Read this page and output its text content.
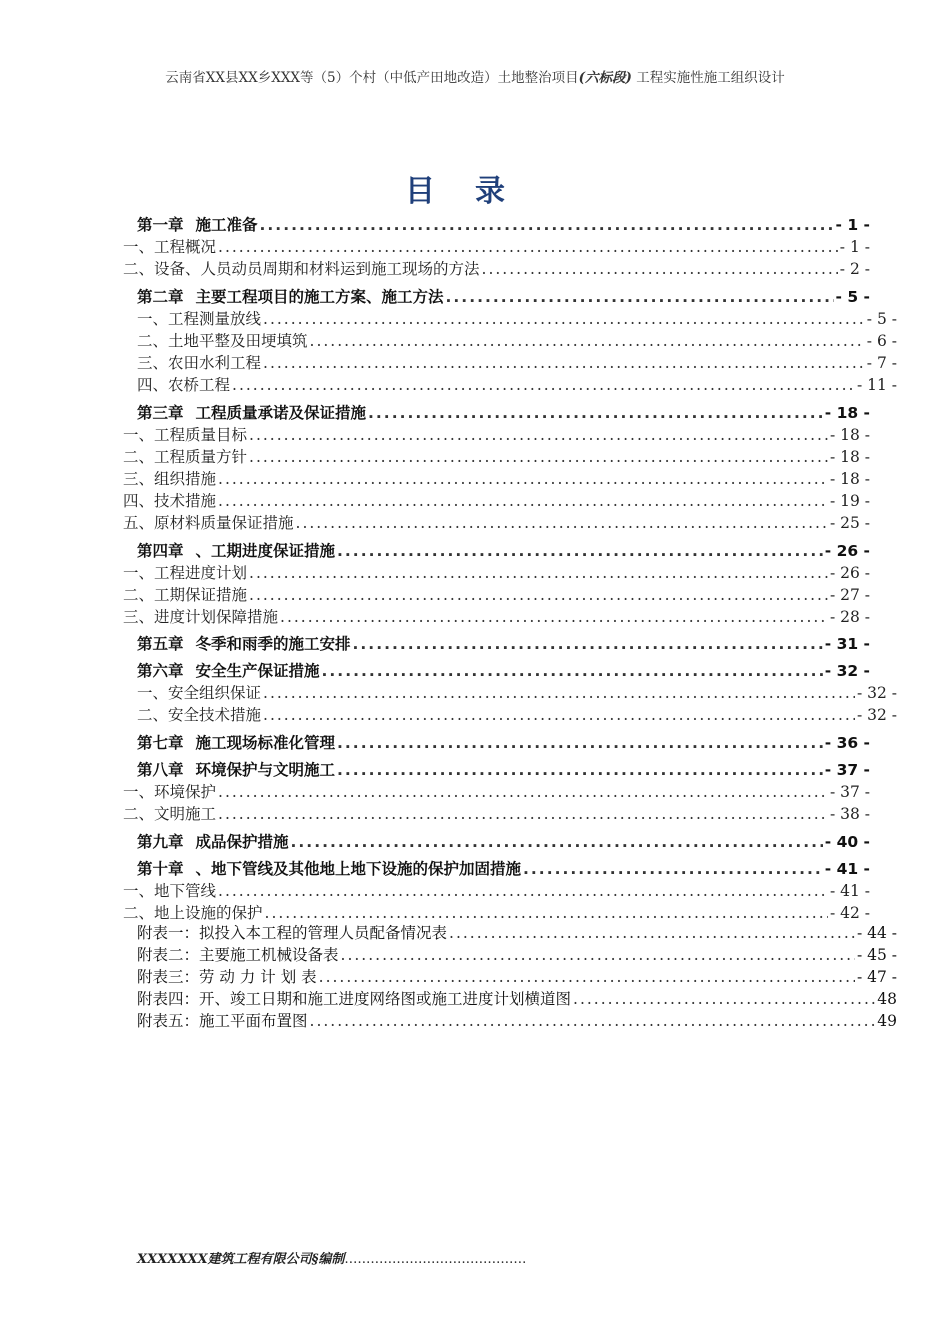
云南省XX县XX乡XXX等（5）个村（中低产田地改造）土地整治项目(六标段) 工程实施性施工组织设计
目录
第一章 施工准备 .....	- 1 -
一、 工程概况 .....	- 1 -
二、 设备、人员动员周期和材料运到施工现场的方法 .....	- 2 -
第二章 主要工程项目的施工方案、施工方法 .....	- 5 -
一、 工程测量放线 .....	- 5 -
二、 土地平整及田埂填筑 .....	- 6 -
三、 农田水利工程 .....	- 7 -
四、 农桥工程 .....	- 11 -
第三章 工程质量承诺及保证措施 .....	- 18 -
一、 工程质量目标 .....	- 18 -
二、 工程质量方针 .....	- 18 -
三、 组织措施 .....	- 18 -
四、 技术措施 .....	- 19 -
五、 原材料质量保证措施 .....	- 25 -
第四章 、工期进度保证措施 .....	- 26 -
一、 工程进度计划 .....	- 26 -
二、 工期保证措施 .....	- 27 -
三、 进度计划保障措施 .....	- 28 -
第五章 冬季和雨季的施工安排 .....	- 31 -
第六章 安全生产保证措施 .....	- 32 -
一、 安全组织保证 .....	- 32 -
二、 安全技术措施 .....	- 32 -
第七章 施工现场标准化管理 .....	- 36 -
第八章 环境保护与文明施工 .....	- 37 -
一、 环境保护 .....	- 37 -
二、 文明施工 .....	- 38 -
第九章 成品保护措施 .....	- 40 -
第十章 、地下管线及其他地上地下设施的保护加固措施 .....	- 41 -
一、 地下管线 .....	- 41 -
二、 地上设施的保护 .....	- 42 -
附表一：拟投入本工程的管理人员配备情况表 .....	- 44 -
附表二：主要施工机械设备表 .....	- 45 -
附表三：劳 动 力 计 划 表 .....	- 47 -
附表四：开、竣工日期和施工进度网络图或施工进度计划横道图 .....	48
附表五：施工平面布置图 .....	49
XXXXXXX建筑工程有限公司§编制……………………………………
